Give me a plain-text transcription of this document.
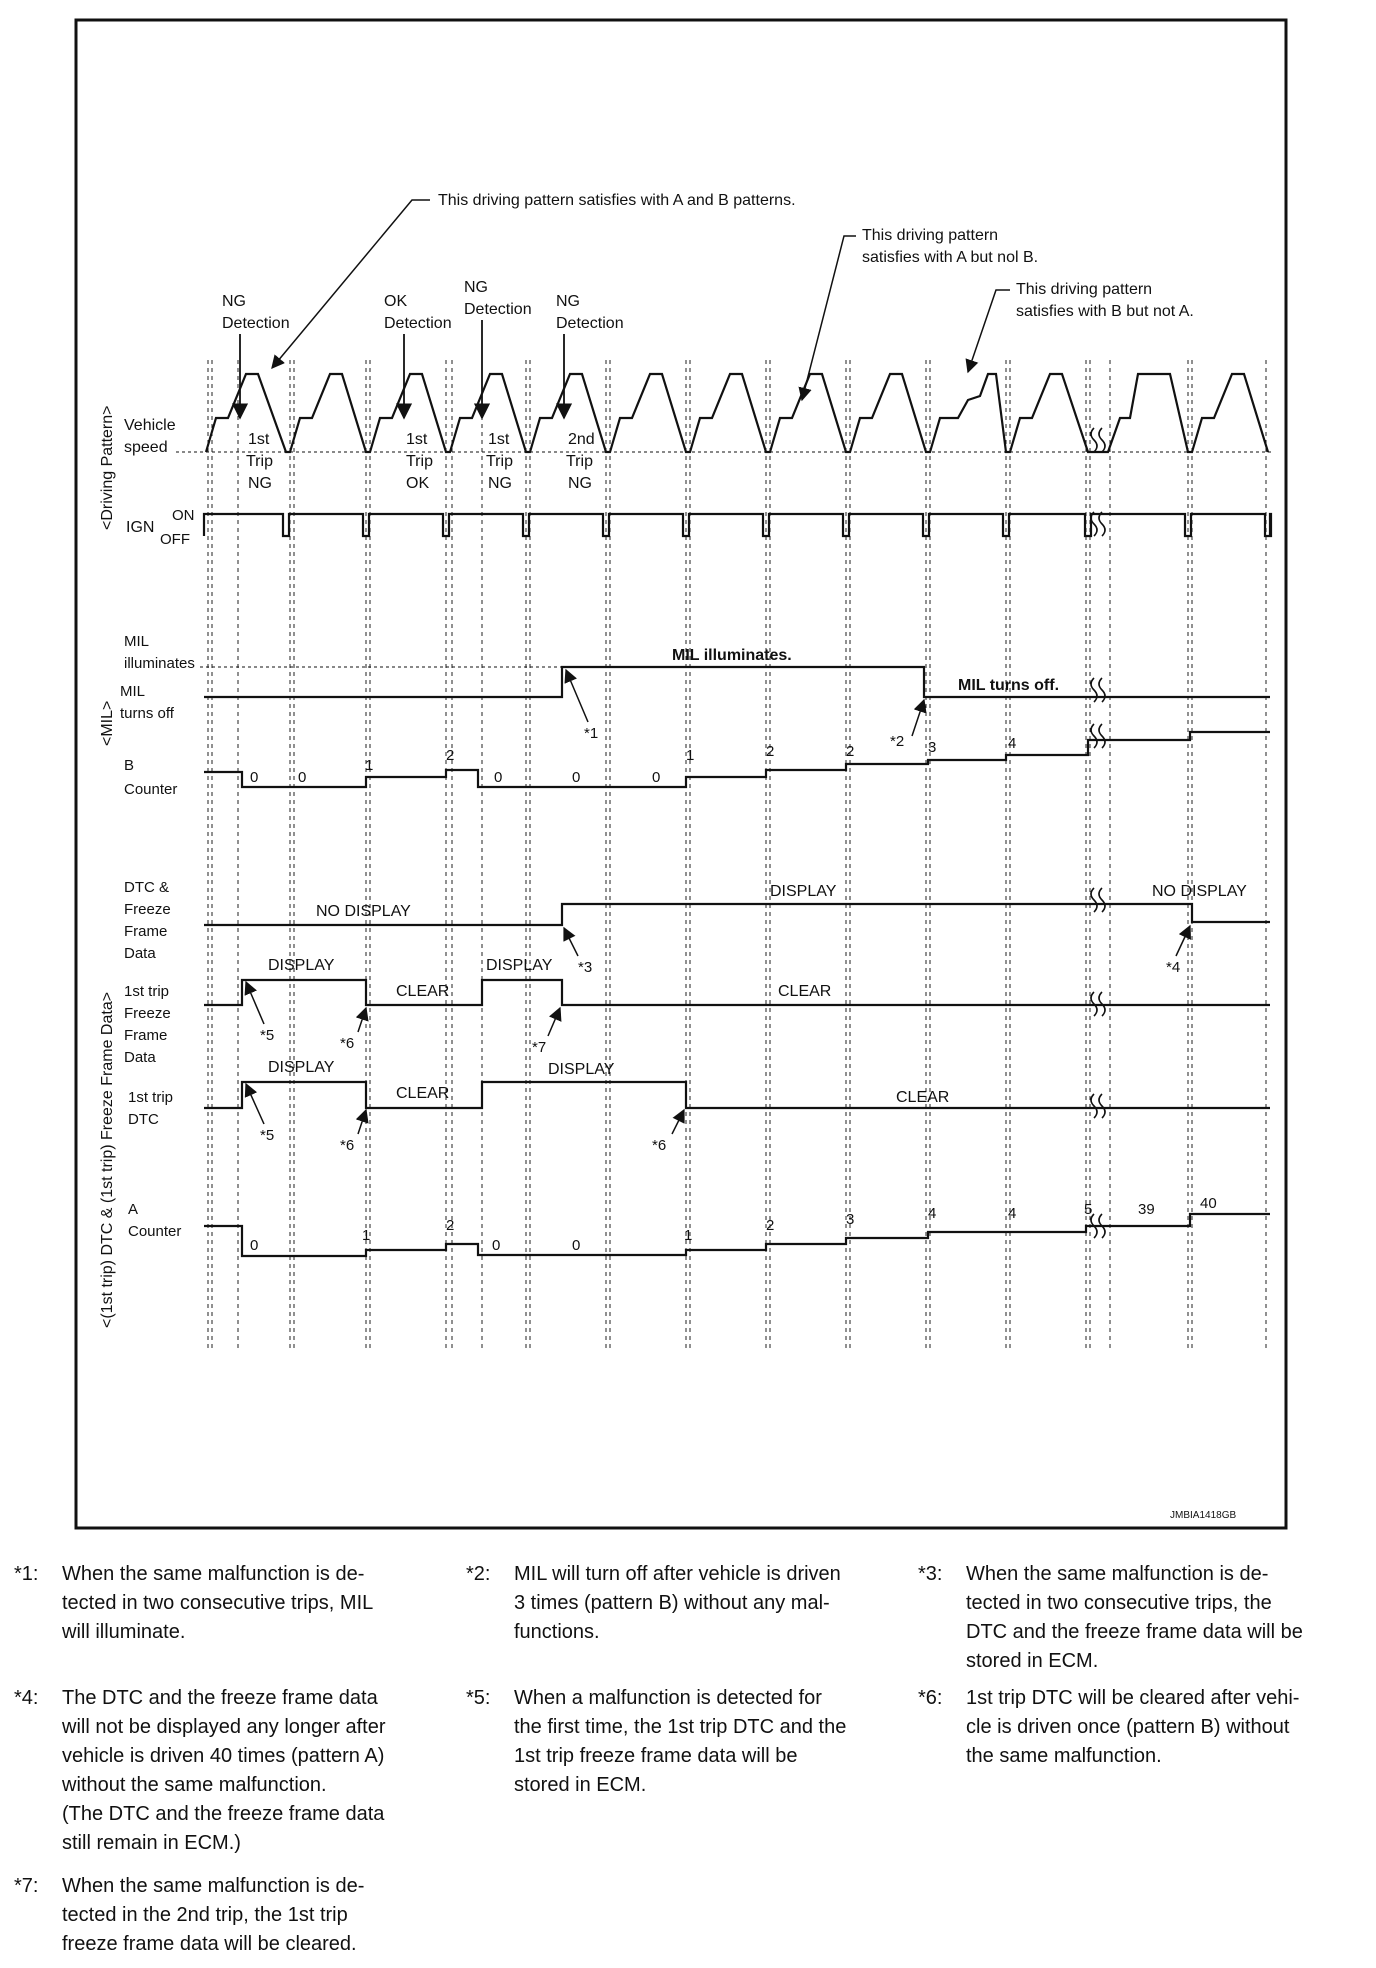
This driving pattern satisfies with A and B patterns.
This driving pattern
satisfies with A but nol B.
This driving pattern
satisfies with B but not A.
NG
Detection
OK
Detection
NG
Detection NG
Detection
1st
Trip
NG
1st
Trip
OK
1st
Trip
NG
2nd
Trip
NG
Vehicle
speed
IGN
ON
OFF
MIL
illuminates
MIL
turns off
B
Counter
DTC &
Freeze
Frame
Data
1st trip
Freeze
Frame
Data
1st trip
DTC
A
Counter
<Driving Pattern>
<MIL>
<(1st trip) DTC & (1st trip) Freeze Frame Data>
MIL illuminates.
MIL turns off.
0	0
1
2
0	0	0
1	2	2	3	4
NO DISPLAY
DISPLAY	NO DISPLAY
DISPLAY
CLEAR
DISPLAY
CLEAR
DISPLAY
CLEAR
DISPLAY
CLEAR
0
1
2
0	0
1
2	3	4	4	5	39	40
*1	*2
*3	*4
*5	*6
*5
*6
*7
*6
JMBIA1418GB
*1:	When the same malfunction is de-
tected in two consecutive trips, MIL
will illuminate.
*2:	MIL will turn off after vehicle is driven
3 times (pattern B) without any mal-
functions.
*3:	When the same malfunction is de-
tected in two consecutive trips, the
DTC and the freeze frame data will be
stored in ECM.
*4:	The DTC and the freeze frame data
will not be displayed any longer after
vehicle is driven 40 times (pattern A)
without the same malfunction.
(The DTC and the freeze frame data
still remain in ECM.)
*5:	When a malfunction is detected for
the first time, the 1st trip DTC and the
1st trip freeze frame data will be
stored in ECM.
*6:	1st trip DTC will be cleared after vehi-
cle is driven once (pattern B) without
the same malfunction.
*7:	When the same malfunction is de-
tected in the 2nd trip, the 1st trip
freeze frame data will be cleared.
